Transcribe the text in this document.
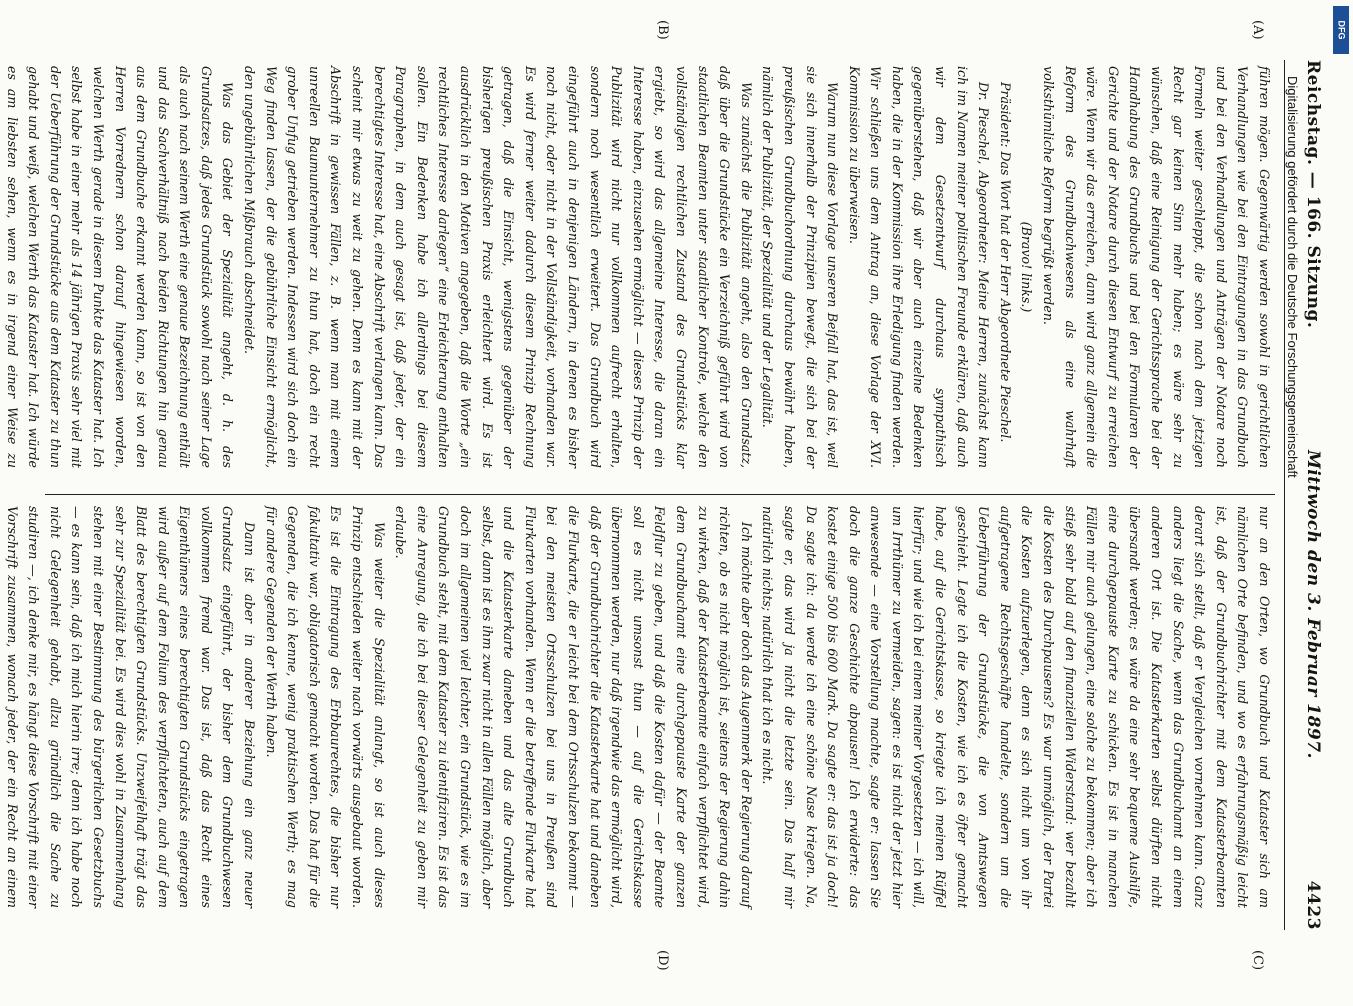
Reichstag. — 166. Sitzung.
Mittwoch den 3. Februar 1897.
4423
(A)
(B)
(C)
(D)

führen mögen. Gegenwärtig werden sowohl in gerichtlichen Verhandlungen wie bei den Eintragungen in das Grundbuch und bei den Verhandlungen und Anträgen der Notare noch Formeln weiter geschleppt, die schon nach dem jetzigen Recht gar keinen Sinn mehr haben; es wäre sehr zu wünschen, daß eine Reinigung der Gerichtssprache bei der Handhabung des Grundbuchs und bei den Formularen der Gerichte und der Notare durch diesen Entwurf zu erreichen wäre. Wenn wir das erreichen, dann wird ganz allgemein die Reform des Grundbuchwesens als eine wahrhaft volksthümliche Reform begrüßt werden.

(Bravo! links.)

Präsident: Das Wort hat der Herr Abgeordnete Pieschel.

Dr. Pieschel, Abgeordneter: Meine Herren, zunächst kann ich im Namen meiner politischen Freunde erklären, daß auch wir dem Gesetzentwurf durchaus sympathisch gegenüberstehen, daß wir aber auch einzelne Bedenken haben, die in der Kommission ihre Erledigung finden werden. Wir schließen uns dem Antrag an, diese Vorlage der XVI. Kommission zu überweisen.

Warum nun diese Vorlage unseren Beifall hat, das ist, weil sie sich innerhalb der Prinzipien bewegt, die sich bei der preußischen Grundbuchordnung durchaus bewährt haben, nämlich der Publizität, der Spezialität und der Legalität.

Was zunächst die Publizität angeht, also den Grundsatz, daß über die Grundstücke ein Verzeichniß geführt wird von staatlichen Beamten unter staatlicher Kontrole, welche den vollständigen rechtlichen Zustand des Grundstücks klar ergiebt, so wird das allgemeine Interesse, die daran ein Interesse haben, einzusehen ermöglicht — dieses Prinzip der Publizität wird nicht nur vollkommen aufrecht erhalten, sondern noch wesentlich erweitert. Das Grundbuch wird eingeführt auch in denjenigen Ländern, in denen es bisher noch nicht, oder nicht in der Vollständigkeit, vorhanden war. Es wird ferner weiter dadurch diesem Prinzip Rechnung getragen, daß die Einsicht, wenigstens gegenüber der bisherigen preußischen Praxis erleichtert wird. Es ist ausdrücklich in den Motiven angegeben, daß die Worte „ein rechtliches Interesse darlegen“ eine Erleichterung enthalten sollen. Ein Bedenken habe ich allerdings bei diesem Paragraphen, in dem auch gesagt ist, daß jeder, der ein berechtigtes Interesse hat, eine Abschrift verlangen kann. Das scheint mir etwas zu weit zu gehen. Denn es kann mit der Abschrift in gewissen Fällen, z. B. wenn man mit einem unreellen Baumunternehmer zu thun hat, doch ein recht grober Unfug getrieben werden. Indessen wird sich doch ein Weg finden lassen, der die gebührliche Einsicht ermöglicht, den ungebührlichen Mißbrauch abschneidet.

Was das Gebiet der Spezialität angeht, d. h. des Grundsatzes, daß jedes Grundstück sowohl nach seiner Lage als auch nach seinem Werth eine genaue Bezeichnung enthält und das Sachverhältniß nach beiden Richtungen hin genau aus dem Grundbuche erkannt werden kann, so ist von den Herren Vorrednern schon darauf hingewiesen worden, welchen Werth gerade in diesem Punkte das Kataster hat. Ich selbst habe in einer mehr als 14 jährigen Praxis sehr viel mit der Ueberführung der Grundstücke aus dem Kataster zu thun gehabt und weiß, welchen Werth das Kataster hat. Ich würde es am liebsten sehen, wenn es in irgend einer Weise zu

nur an den Orten, wo Grundbuch und Kataster sich am nämlichen Orte befinden, und wo es erfahrungsmäßig leicht ist, daß der Grundbuchrichter mit dem Katasterbeamten derart sich stellt, daß er Vergleichen vornehmen kann. Ganz anders liegt die Sache, wenn das Grundbuchamt an einem anderen Ort ist. Die Katasterkarten selbst dürften nicht übersandt werden; es wäre da eine sehr bequeme Aushilfe, eine durchgepauste Karte zu schicken. Es ist in manchen Fällen mir auch gelungen, eine solche zu bekommen; aber ich stieß sehr bald auf den finanziellen Widerstand: wer bezahlt die Kosten des Durchpausens? Es war unmöglich, der Partei die Kosten aufzuerlegen, denn es sich nicht um von ihr aufgetragene Rechtsgeschäfte handelte, sondern um die Ueberführung der Grundstücke, die von Amtswegen geschieht. Legte ich die Kosten, wie ich es öfter gemacht habe, auf die Gerichtskasse, so kriegte ich meinen Rüffel hierfür; und wie ich bei einem meiner Vorgesetzten — ich will, um Irrthümer zu vermeiden, sagen: es ist nicht der jetzt hier anwesende — eine Vorstellung machte, sagte er: lassen Sie doch die ganze Geschichte abpausen! Ich erwiderte: das kostet einige 500 bis 600 Mark. Da sagte er: das ist ja doch! Da sagte ich: da werde ich eine schöne Nase kriegen. Na, sagte er, das wird ja nicht die letzte sein. Das half mir natürlich nichts; natürlich that ich es nicht.

Ich möchte aber doch das Augenmerk der Regierung darauf richten, ob es nicht möglich ist, seitens der Regierung dahin zu wirken, daß der Katasterbeamte einfach verpflichtet wird, dem Grundbuchamt eine durchgepauste Karte der ganzen Feldflur zu geben, und daß die Kosten dafür — der Beamte soll es nicht umsonst thun — auf die Gerichtskasse übernommen werden, nur daß irgendwie das ermöglicht wird, daß der Grundbuchrichter die Katasterkarte hat und daneben die Flurkarte, die er leicht bei dem Ortsschulzen bekommt — bei den meisten Ortsschulzen bei uns in Preußen sind Flurkarten vorhanden. Wenn er die betreffende Flurkarte hat und die Katasterkarte daneben und das alte Grundbuch selbst, dann ist es ihm zwar nicht in allen Fällen möglich, aber doch im allgemeinen viel leichter, ein Grundstück, wie es im Grundbuch steht, mit dem Kataster zu identifiziren. Es ist das eine Anregung, die ich bei dieser Gelegenheit zu geben mir erlaube.

Was weiter die Spezialität anlangt, so ist auch dieses Prinzip entschieden weiter nach vorwärts ausgebaut worden. Es ist die Eintragung des Erbbaurechtes, die bisher nur fakultativ war, obligatorisch gemacht worden. Das hat für die Gegenden, die ich kenne, wenig praktischen Werth; es mag für andere Gegenden der Werth haben.

Dann ist aber in anderer Beziehung ein ganz neuer Grundsatz eingeführt, der bisher dem Grundbuchwesen vollkommen fremd war. Das ist, daß das Recht eines Eigenthümers eines berechtigten Grundstücks eingetragen wird außer auf dem Folium des verpflichteten, auch auf dem Blatt des berechtigten Grundstücks. Unzweifelhaft trägt das sehr zur Spezialität bei. Es wird dies wohl in Zusammenhang stehen mit einer Bestimmung des bürgerlichen Gesetzbuchs — es kann sein, daß ich mich hierin irre; denn ich habe noch nicht Gelegenheit gehabt, allzu gründlich die Sache zu studiren —, ich denke mir, es hängt diese Vorschrift mit einer Vorschrift zusammen, wonach jeder, der ein Recht an einem

Digitalisierung gefördert durch die Deutsche Forschungsgemeinschaft
DFG
